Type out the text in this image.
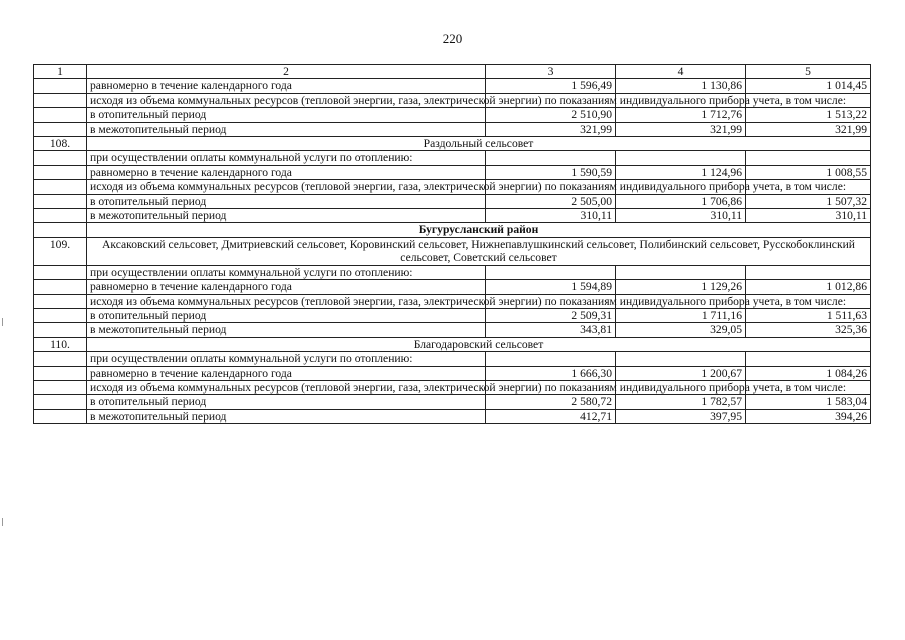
220
1	2	3	4	5
	равномерно в течение календарного года	1 596,49	1 130,86	1 014,45
	исходя из объема коммунальных ресурсов (тепловой энергии, газа, электрической энергии) по показаниям индивидуального прибора учета, в том числе:			
	в отопительный период	2 510,90	1 712,76	1 513,22
	в межотопительный период	321,99	321,99	321,99
108.	Раздольный сельсовет			
	при осуществлении оплаты коммунальной услуги по отоплению:			
	равномерно в течение календарного года	1 590,59	1 124,96	1 008,55
	исходя из объема коммунальных ресурсов (тепловой энергии, газа, электрической энергии) по показаниям индивидуального прибора учета, в том числе:			
	в отопительный период	2 505,00	1 706,86	1 507,32
	в межотопительный период	310,11	310,11	310,11
	Бугурусланский район			
109.	Аксаковский сельсовет, Дмитриевский сельсовет, Коровинский сельсовет, Нижнепавлушкинский сельсовет, Полибинский сельсовет, Русскобоклинский сельсовет, Советский сельсовет			
	при осуществлении оплаты коммунальной услуги по отоплению:			
	равномерно в течение календарного года	1 594,89	1 129,26	1 012,86
	исходя из объема коммунальных ресурсов (тепловой энергии, газа, электрической энергии) по показаниям индивидуального прибора учета, в том числе:			
	в отопительный период	2 509,31	1 711,16	1 511,63
	в межотопительный период	343,81	329,05	325,36
110.	Благодаровский сельсовет			
	при осуществлении оплаты коммунальной услуги по отоплению:			
	равномерно в течение календарного года	1 666,30	1 200,67	1 084,26
	исходя из объема коммунальных ресурсов (тепловой энергии, газа, электрической энергии) по показаниям индивидуального прибора учета, в том числе:			
	в отопительный период	2 580,72	1 782,57	1 583,04
	в межотопительный период	412,71	397,95	394,26
